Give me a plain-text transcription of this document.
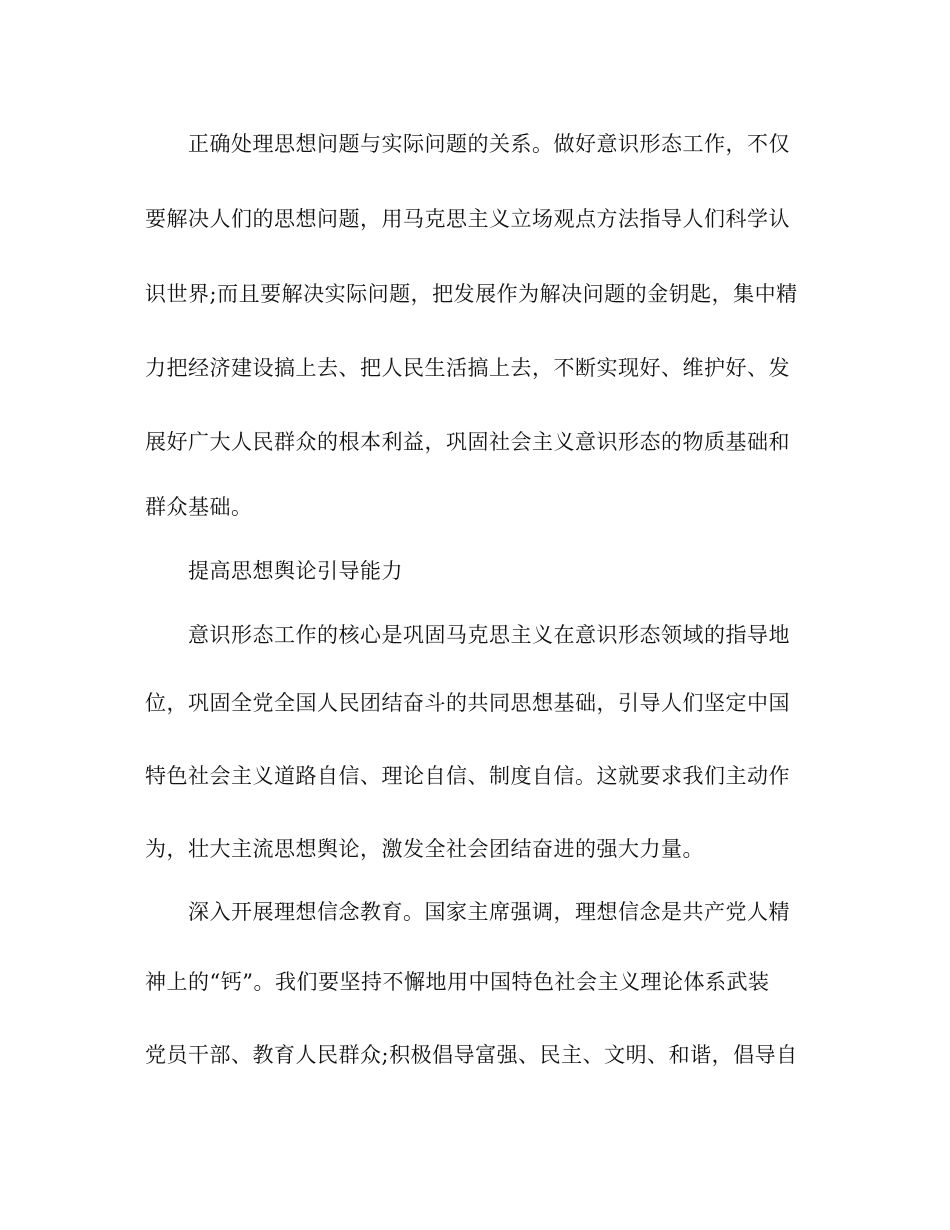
正确处理思想问题与实际问题的关系。做好意识形态工作，不仅
要解决人们的思想问题，用马克思主义立场观点方法指导人们科学认
识世界;而且要解决实际问题，把发展作为解决问题的金钥匙，集中精
力把经济建设搞上去、把人民生活搞上去，不断实现好、维护好、发
展好广大人民群众的根本利益，巩固社会主义意识形态的物质基础和
群众基础。
提高思想舆论引导能力
意识形态工作的核心是巩固马克思主义在意识形态领域的指导地
位，巩固全党全国人民团结奋斗的共同思想基础，引导人们坚定中国
特色社会主义道路自信、理论自信、制度自信。这就要求我们主动作
为，壮大主流思想舆论，激发全社会团结奋进的强大力量。
深入开展理想信念教育。国家主席强调，理想信念是共产党人精
神上的“钙”。我们要坚持不懈地用中国特色社会主义理论体系武装
党员干部、教育人民群众;积极倡导富强、民主、文明、和谐，倡导自
